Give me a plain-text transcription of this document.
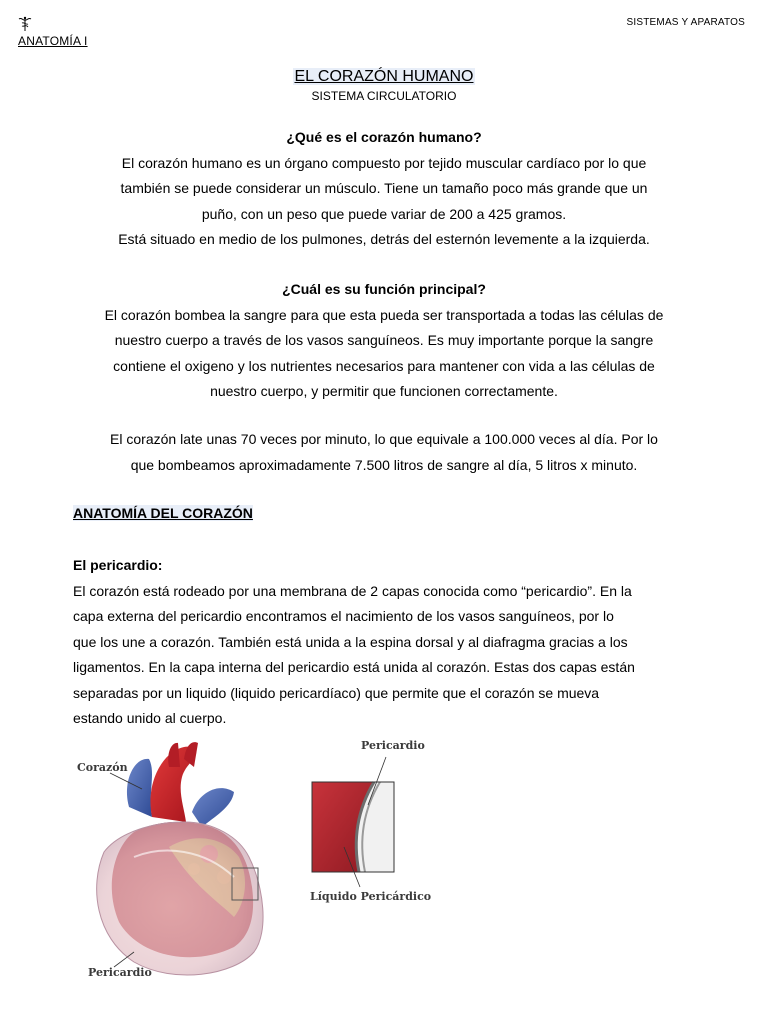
ANATOMÍA I
SISTEMAS Y APARATOS
EL CORAZÓN HUMANO
SISTEMA CIRCULATORIO
¿Qué es el corazón humano?
El corazón humano es un órgano compuesto por tejido muscular cardíaco por lo que
también se puede considerar un músculo. Tiene un tamaño poco más grande que un
puño, con un peso que puede variar de 200 a 425 gramos.
Está situado en medio de los pulmones, detrás del esternón levemente a la izquierda.
¿Cuál es su función principal?
El corazón bombea la sangre para que esta pueda ser transportada a todas las células de
nuestro cuerpo a través de los vasos sanguíneos. Es muy importante porque la sangre
contiene el oxigeno y los nutrientes necesarios para mantener con vida a las células de
nuestro cuerpo, y permitir que funcionen correctamente.
El corazón late unas 70 veces por minuto, lo que equivale a 100.000 veces al día. Por lo
que bombeamos aproximadamente 7.500 litros de sangre al día, 5 litros x minuto.
ANATOMÍA DEL CORAZÓN
El pericardio:
El corazón está rodeado por una membrana de 2 capas conocida como “pericardio”. En la
capa externa del pericardio encontramos el nacimiento de los vasos sanguíneos, por lo
que los une a corazón. También está unida a la espina dorsal y al diafragma gracias a los
ligamentos. En la capa interna del pericardio está unida al corazón. Estas dos capas están
separadas por un liquido (liquido pericardíaco) que permite que el corazón se mueva
estando unido al cuerpo.
Corazón
Pericardio
Líquido Pericárdico
Pericardio
